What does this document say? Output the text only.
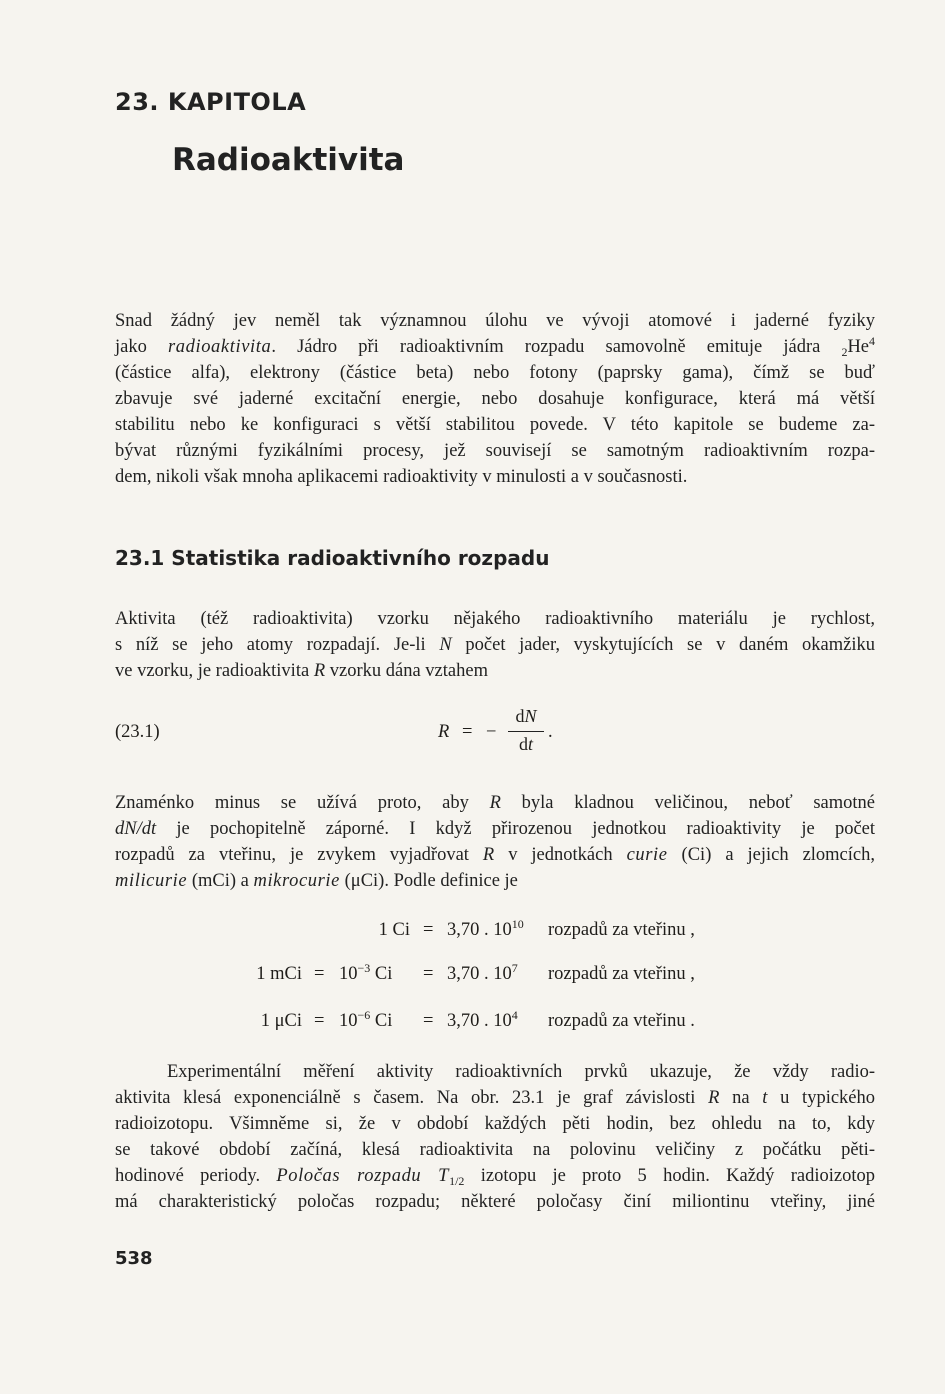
23. KAPITOLA
Radioaktivita
Snad žádný jev neměl tak významnou úlohu ve vývoji atomové i jaderné fyziky
jako radioaktivita. Jádro při radioaktivním rozpadu samovolně emituje jádra $_2He^4$
(částice alfa), elektrony (částice beta) nebo fotony (paprsky gama), čímž se buď
zbavuje své jaderné excitační energie, nebo dosahuje konfigurace, která má větší
stabilitu nebo ke konfiguraci s větší stabilitou povede. V této kapitole se budeme za-
bývat různými fyzikálními procesy, jež souvisejí se samotným radioaktivním rozpa-
dem, nikoli však mnoha aplikacemi radioaktivity v minulosti a v současnosti.
23.1 Statistika radioaktivního rozpadu
Aktivita (též radioaktivita) vzorku nějakého radioaktivního materiálu je rychlost,
s níž se jeho atomy rozpadají. Je-li N počet jader, vyskytujících se v daném okamžiku
ve vzorku, je radioaktivita R vzorku dána vztahem
(23.1)	R = −
dN
dt
.
Znaménko minus se užívá proto, aby R byla kladnou veličinou, neboť samotné
dN/dt je pochopitelně záporné. I když přirozenou jednotkou radioaktivity je počet
rozpadů za vteřinu, je zvykem vyjadřovat R v jednotkách curie (Ci) a jejich zlomcích,
milicurie (mCi) a mikrocurie (μCi). Podle definice je
1 Ci = 3,70 . $10^{10}$ rozpadů za vteřinu ,
1 mCi = $10^{-3}$ Ci = 3,70 . $10^7$ rozpadů za vteřinu ,
1 $\mu Ci = 10^{-6}$ Ci = 3,70 . $10^4$ rozpadů za vteřinu .
Experimentální měření aktivity radioaktivních prvků ukazuje, že vždy radio-
aktivita klesá exponenciálně s časem. Na obr. 23.1 je graf závislosti R na t u typického
radioizotopu. Všimněme si, že v období každých pěti hodin, bez ohledu na to, kdy
se takové období začíná, klesá radioaktivita na polovinu veličiny z počátku pěti-
hodinové periody. Poločas rozpadu $T_{1/2}$ izotopu je proto 5 hodin. Každý radioizotop
má charakteristický poločas rozpadu; některé poločasy činí miliontinu vteřiny, jiné
538
